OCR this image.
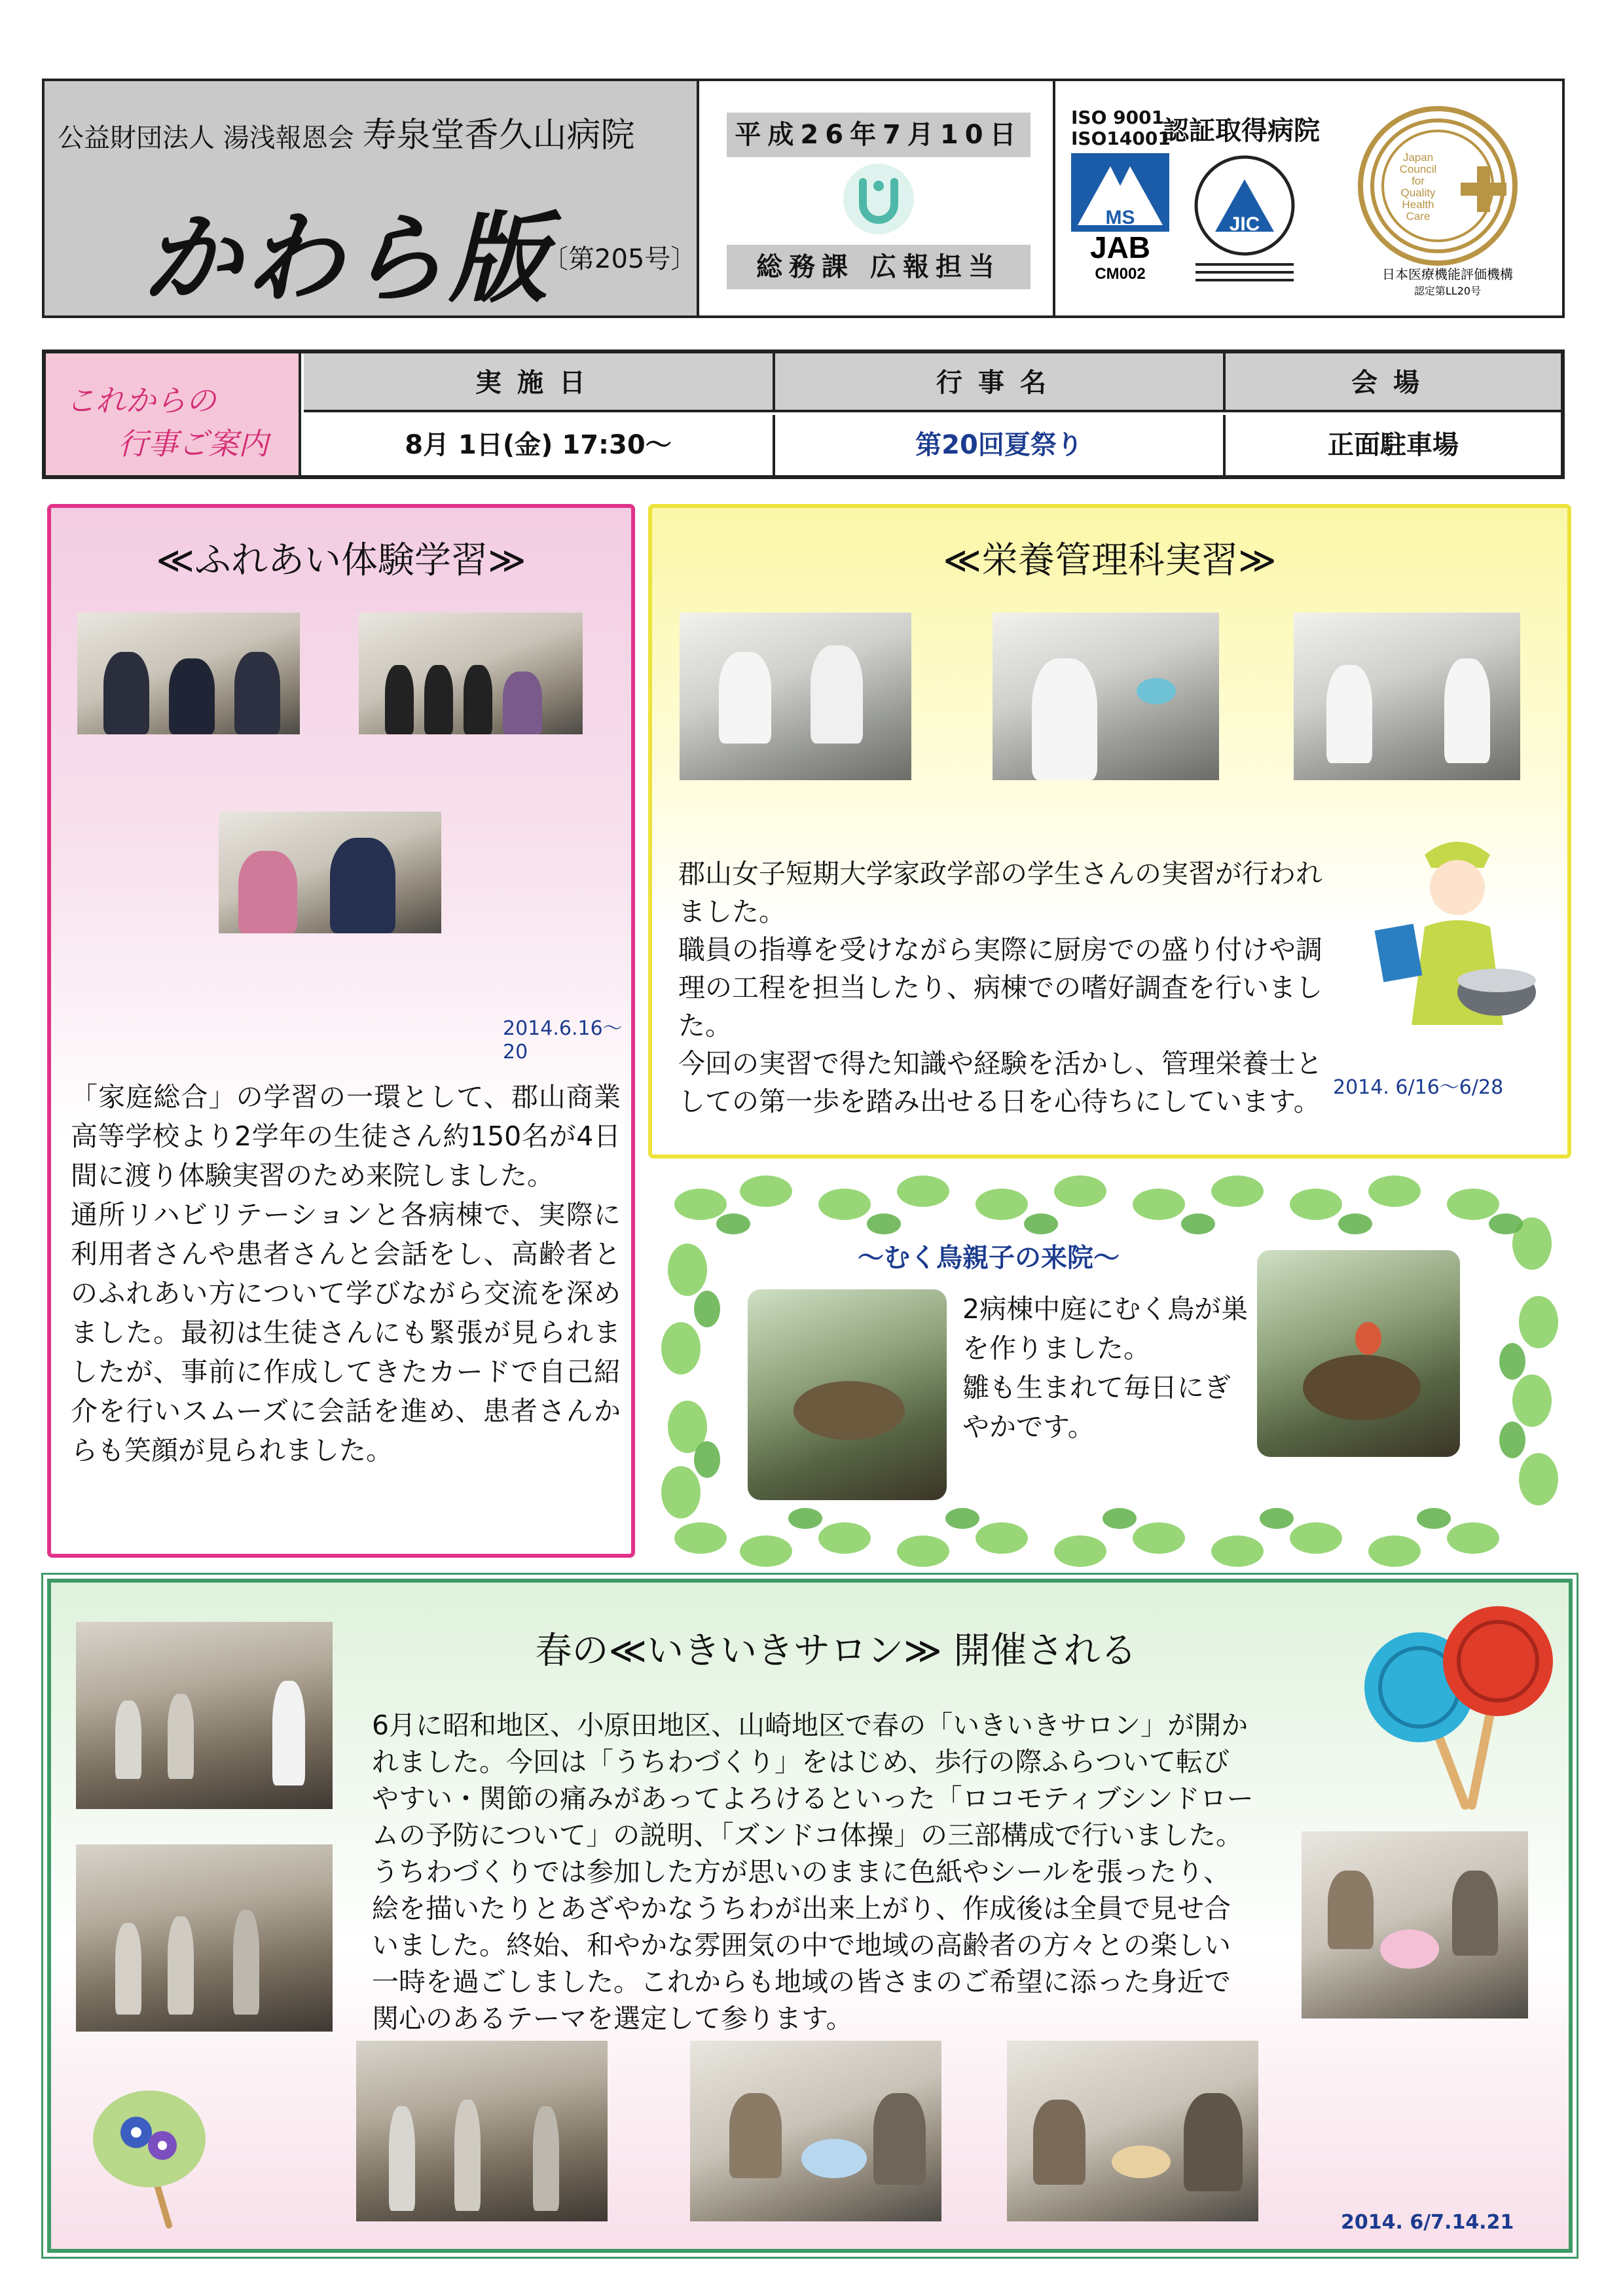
公益財団法人 湯浅報恩会 寿泉堂香久山病院
かわら版
〔第205号〕
平成26年7月10日
総務課 広報担当
ISO 9001
ISO14001
認証取得病院
MS
JAB
CM002
JIC
Japan
Council
for
Quality
Health
Care
日本医療機能評価機構
認定第LL20号
これからの
行事ご案内
実施日	行事名	会場
8月 1日(金) 17:30〜	第20回夏祭り	正面駐車場
≪ふれあい体験学習≫
2014.6.16〜20
「家庭総合」の学習の一環として、郡山商業高等学校より2学年の生徒さん約150名が4日間に渡り体験実習のため来院しました。
通所リハビリテーションと各病棟で、実際に利用者さんや患者さんと会話をし、高齢者とのふれあい方について学びながら交流を深めました。最初は生徒さんにも緊張が見られましたが、事前に作成してきたカードで自己紹介を行いスムーズに会話を進め、患者さんからも笑顔が見られました。
≪栄養管理科実習≫
郡山女子短期大学家政学部の学生さんの実習が行われました。
職員の指導を受けながら実際に厨房での盛り付けや調理の工程を担当したり、病棟での嗜好調査を行いました。
今回の実習で得た知識や経験を活かし、管理栄養士としての第一歩を踏み出せる日を心待ちにしています。 2014. 6/16〜6/28
〜むく鳥親子の来院〜
2病棟中庭にむく鳥が巣を作りました。
雛も生まれて毎日にぎやかです。
春の≪いきいきサロン≫ 開催される
6月に昭和地区、小原田地区、山崎地区で春の「いきいきサロン」が開かれました。今回は「うちわづくり」をはじめ、歩行の際ふらついて転びやすい・関節の痛みがあってよろけるといった「ロコモティブシンドロームの予防について」の説明、「ズンドコ体操」の三部構成で行いました。
うちわづくりでは参加した方が思いのままに色紙やシールを張ったり、絵を描いたりとあざやかなうちわが出来上がり、作成後は全員で見せ合いました。終始、和やかな雰囲気の中で地域の高齢者の方々との楽しい一時を過ごしました。これからも地域の皆さまのご希望に添った身近で関心のあるテーマを選定して参ります。
2014. 6/7.14.21
